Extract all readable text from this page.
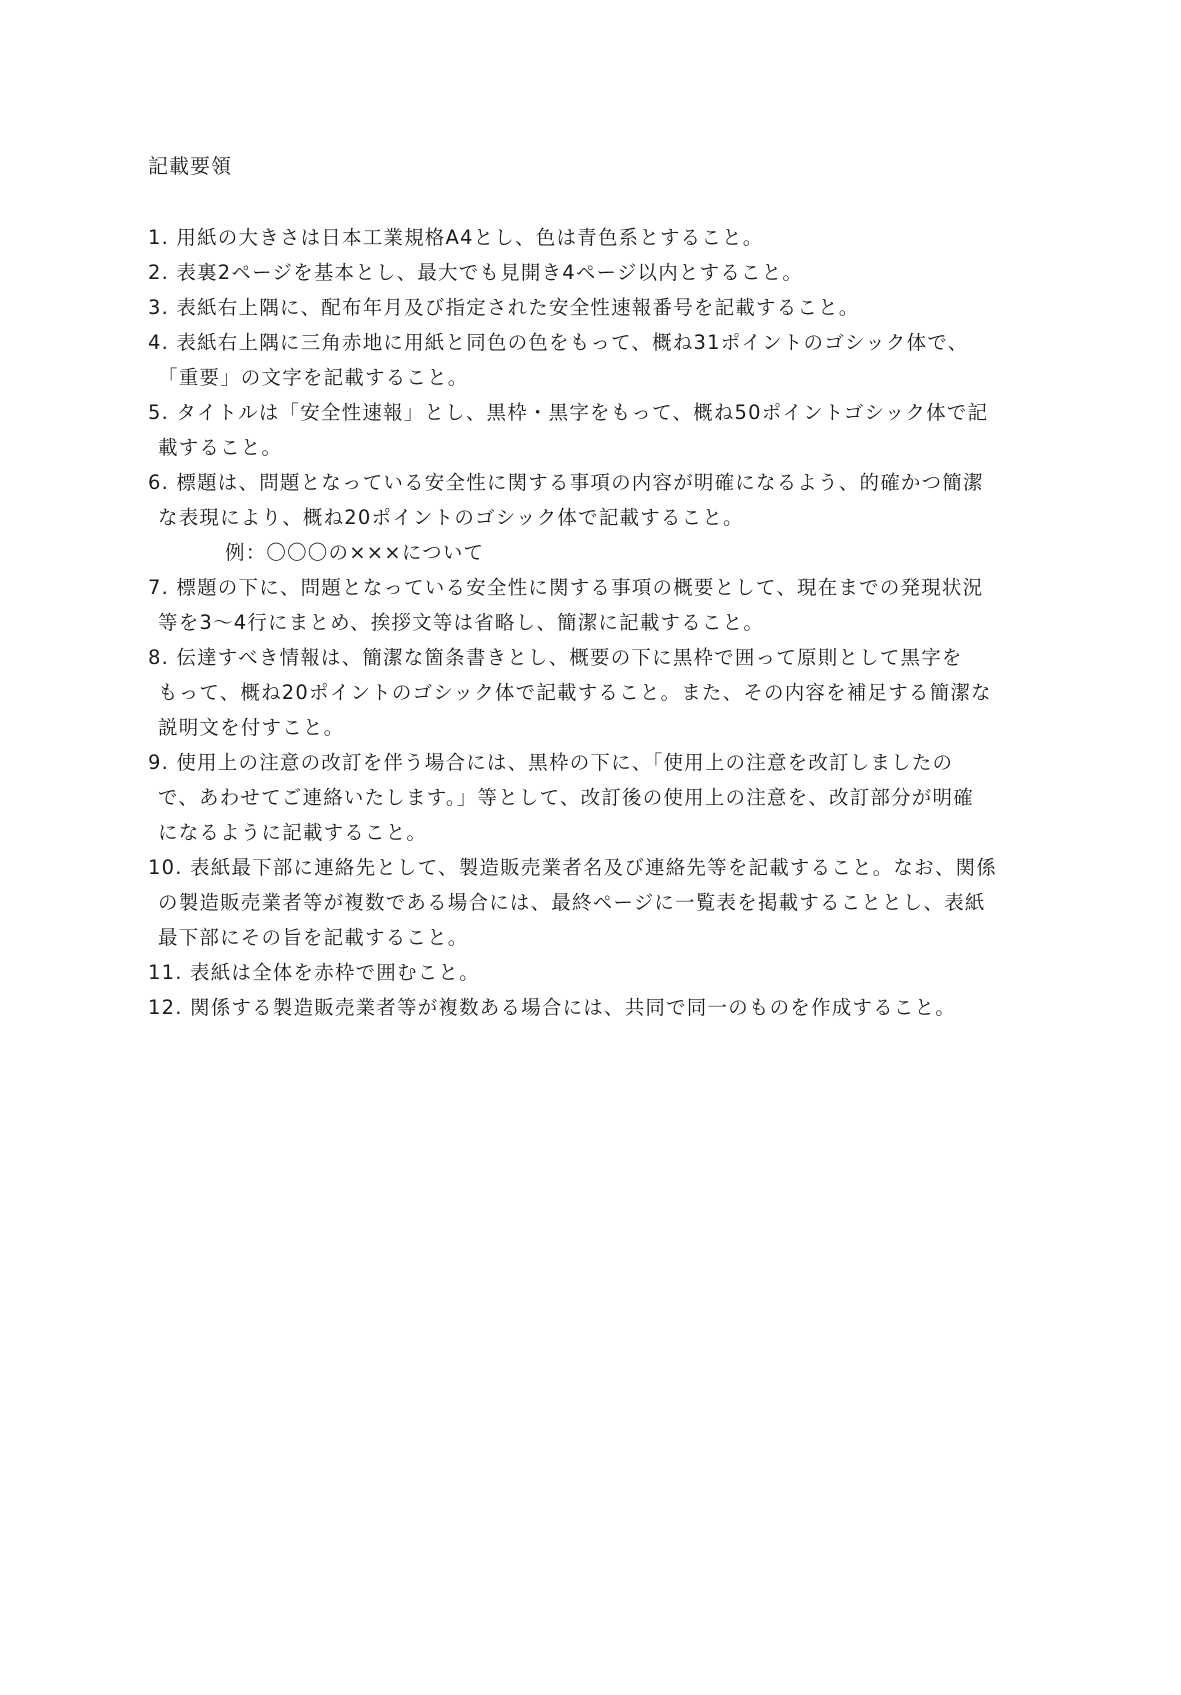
記載要領
1. 用紙の大きさは日本工業規格A4とし、色は青色系とすること。
2. 表裏2ページを基本とし、最大でも見開き4ページ以内とすること。
3. 表紙右上隅に、配布年月及び指定された安全性速報番号を記載すること。
4. 表紙右上隅に三角赤地に用紙と同色の色をもって、概ね31ポイントのゴシック体で、
「重要」の文字を記載すること。
5. タイトルは「安全性速報」とし、黒枠・黒字をもって、概ね50ポイントゴシック体で記
載すること。
6. 標題は、問題となっている安全性に関する事項の内容が明確になるよう、的確かつ簡潔
な表現により、概ね20ポイントのゴシック体で記載すること。
例：〇〇〇の×××について
7. 標題の下に、問題となっている安全性に関する事項の概要として、現在までの発現状況
等を3～4行にまとめ、挨拶文等は省略し、簡潔に記載すること。
8. 伝達すべき情報は、簡潔な箇条書きとし、概要の下に黒枠で囲って原則として黒字を
もって、概ね20ポイントのゴシック体で記載すること。また、その内容を補足する簡潔な
説明文を付すこと。
9. 使用上の注意の改訂を伴う場合には、黒枠の下に、「使用上の注意を改訂しましたの
で、あわせてご連絡いたします。」等として、改訂後の使用上の注意を、改訂部分が明確
になるように記載すること。
10. 表紙最下部に連絡先として、製造販売業者名及び連絡先等を記載すること。なお、関係
の製造販売業者等が複数である場合には、最終ページに一覧表を掲載することとし、表紙
最下部にその旨を記載すること。
11. 表紙は全体を赤枠で囲むこと。
12. 関係する製造販売業者等が複数ある場合には、共同で同一のものを作成すること。
